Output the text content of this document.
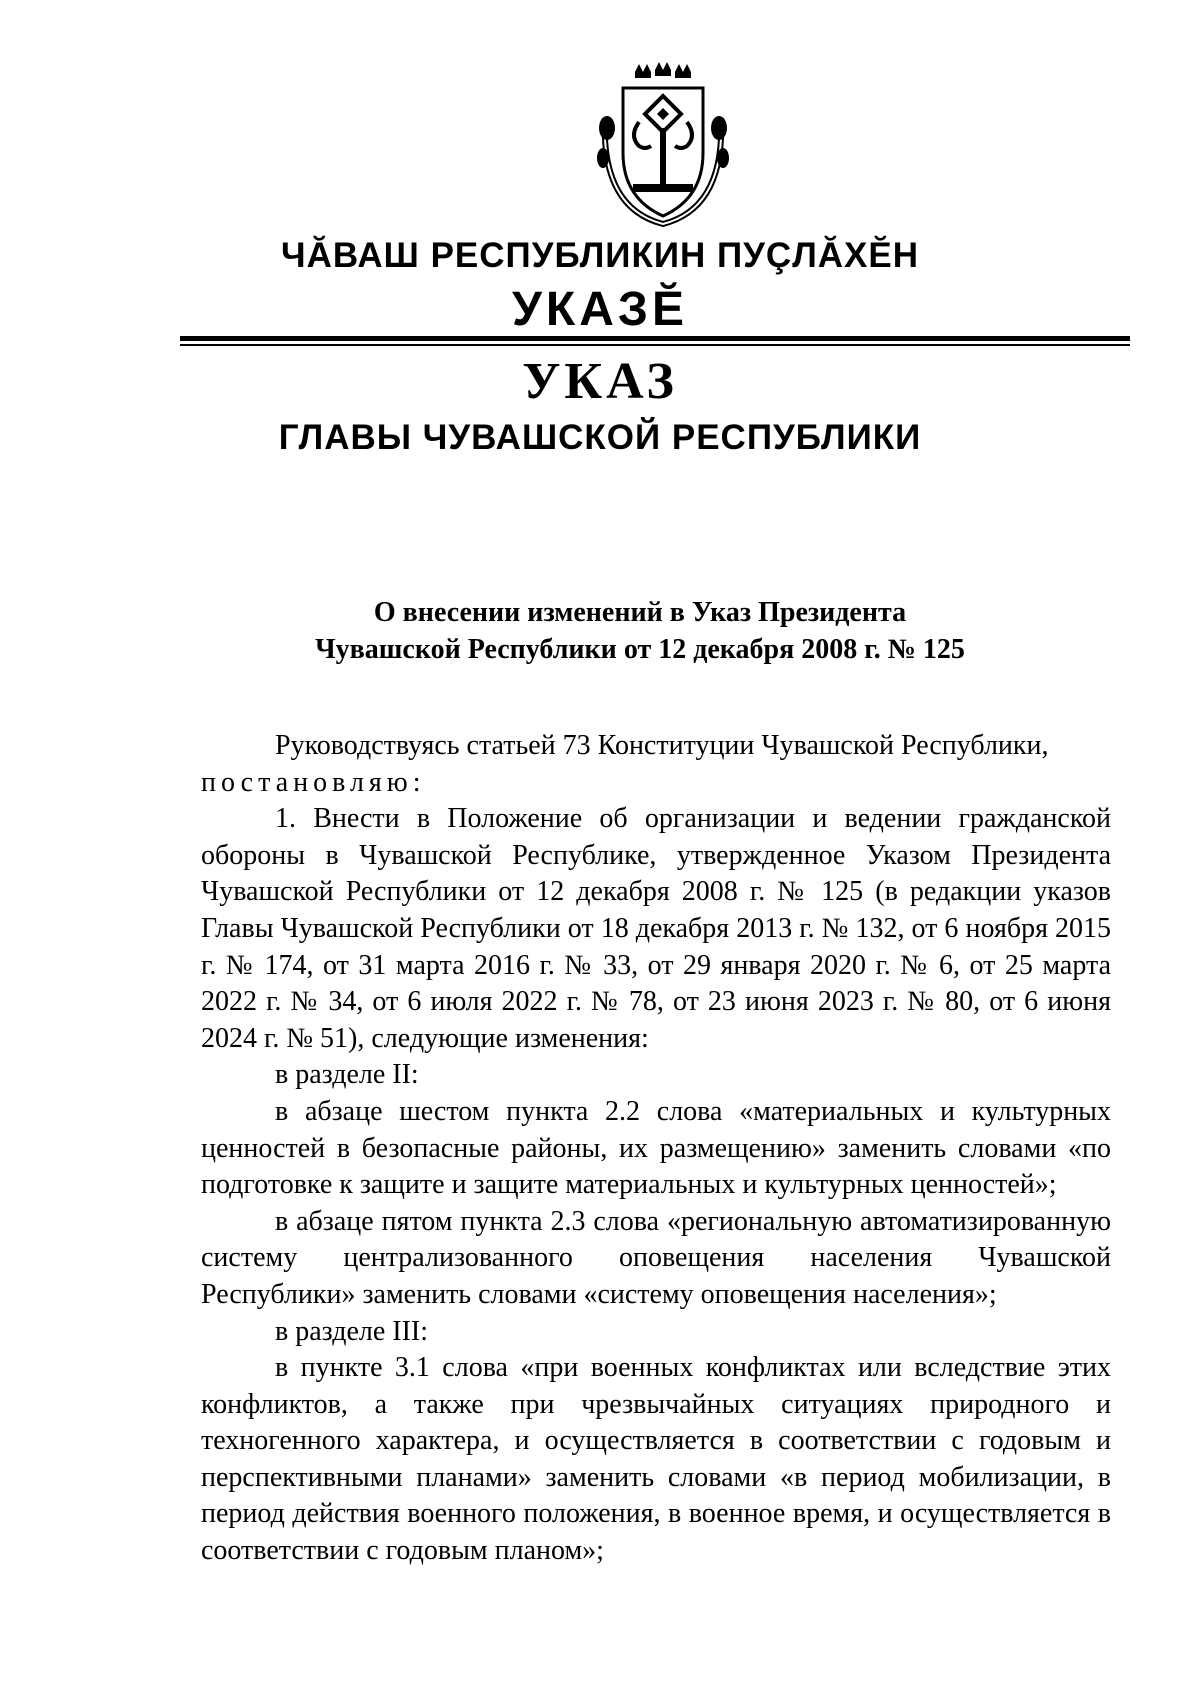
ЧĂВАШ РЕСПУБЛИКИН ПУÇЛĂХĔН
УКАЗĔ
УКАЗ
ГЛАВЫ ЧУВАШСКОЙ РЕСПУБЛИКИ
О внесении изменений в Указ Президента
Чувашской Республики от 12 декабря 2008 г. № 125

Руководствуясь статьей 73 Конституции Чувашской Республики,
постановляю:

1. Внести в Положение об организации и ведении гражданской обороны в Чувашской Республике, утвержденное Указом Президента Чувашской Республики от 12 декабря 2008 г. № 125 (в редакции указов Главы Чувашской Республики от 18 декабря 2013 г. № 132, от 6 ноября 2015 г. № 174, от 31 марта 2016 г. № 33, от 29 января 2020 г. № 6, от 25 марта 2022 г. № 34, от 6 июля 2022 г. № 78, от 23 июня 2023 г. № 80, от 6 июня 2024 г. № 51), следующие изменения:

в разделе II:

в абзаце шестом пункта 2.2 слова «материальных и культурных ценностей в безопасные районы, их размещению» заменить словами «по подготовке к защите и защите материальных и культурных ценностей»;

в абзаце пятом пункта 2.3 слова «региональную автоматизированную систему централизованного оповещения населения Чувашской Республики» заменить словами «систему оповещения населения»;

в разделе III:

в пункте 3.1 слова «при военных конфликтах или вследствие этих конфликтов, а также при чрезвычайных ситуациях природного и техногенного характера, и осуществляется в соответствии с годовым и перспективными планами» заменить словами «в период мобилизации, в период действия военного положения, в военное время, и осуществляется в соответствии с годовым планом»;
